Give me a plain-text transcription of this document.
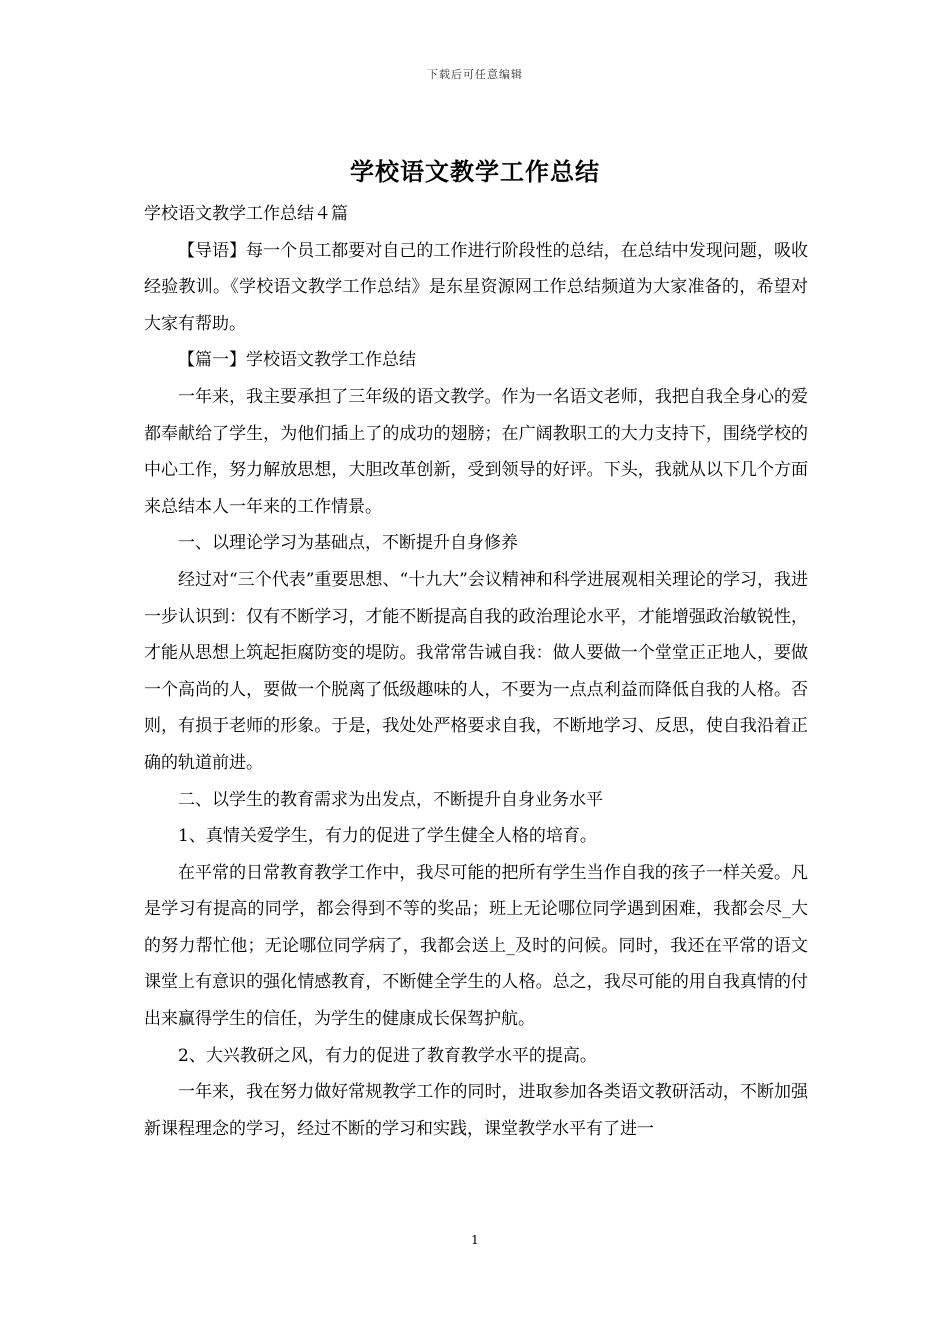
下载后可任意编辑
学校语文教学工作总结

学校语文教学工作总结４篇

【导语】每一个员工都要对自己的工作进行阶段性的总结，在总结中发现问题，吸收经验教训。《学校语文教学工作总结》是东星资源网工作总结频道为大家准备的，希望对大家有帮助。

【篇一】学校语文教学工作总结

一年来，我主要承担了三年级的语文教学。作为一名语文老师，我把自我全身心的爱都奉献给了学生，为他们插上了的成功的翅膀；在广阔教职工的大力支持下，围绕学校的中心工作，努力解放思想，大胆改革创新，受到领导的好评。下头，我就从以下几个方面来总结本人一年来的工作情景。

一、以理论学习为基础点，不断提升自身修养

经过对“三个代表”重要思想、“十九大”会议精神和科学进展观相关理论的学习，我进一步认识到：仅有不断学习，才能不断提高自我的政治理论水平，才能增强政治敏锐性，才能从思想上筑起拒腐防变的堤防。我常常告诫自我：做人要做一个堂堂正正地人，要做一个高尚的人，要做一个脱离了低级趣味的人，不要为一点点利益而降低自我的人格。否则，有损于老师的形象。于是，我处处严格要求自我，不断地学习、反思，使自我沿着正确的轨道前进。

二、以学生的教育需求为出发点，不断提升自身业务水平

1、真情关爱学生，有力的促进了学生健全人格的培育。

在平常的日常教育教学工作中，我尽可能的把所有学生当作自我的孩子一样关爱。凡是学习有提高的同学，都会得到不等的奖品；班上无论哪位同学遇到困难，我都会尽_大的努力帮忙他；无论哪位同学病了，我都会送上_及时的问候。同时，我还在平常的语文课堂上有意识的强化情感教育，不断健全学生的人格。总之，我尽可能的用自我真情的付出来赢得学生的信任，为学生的健康成长保驾护航。

2、大兴教研之风，有力的促进了教育教学水平的提高。

一年来，我在努力做好常规教学工作的同时，进取参加各类语文教研活动，不断加强新课程理念的学习，经过不断的学习和实践，课堂教学水平有了进一

1
